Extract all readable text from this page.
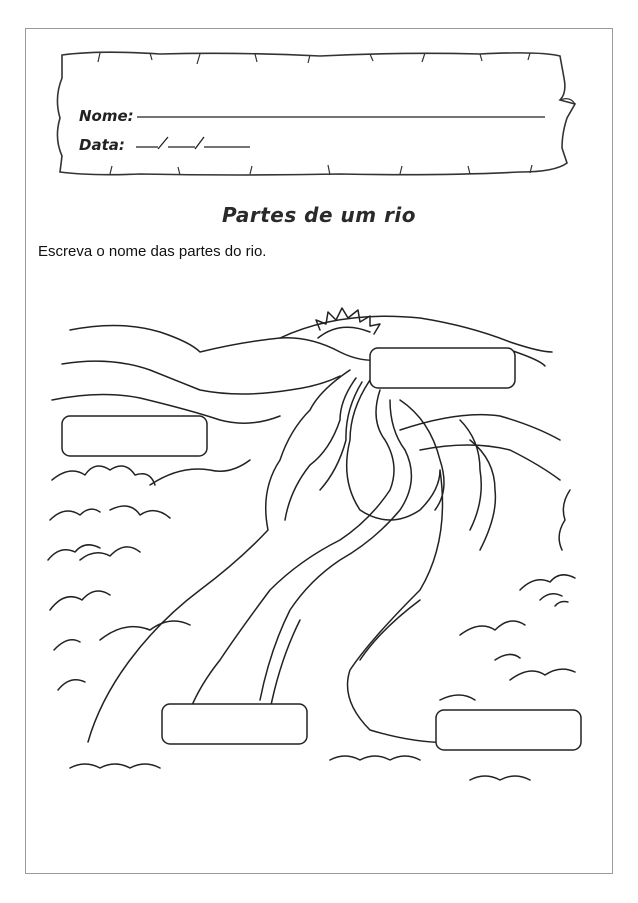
Nome:
Data:
Partes de um rio
Escreva o nome das partes do rio.
